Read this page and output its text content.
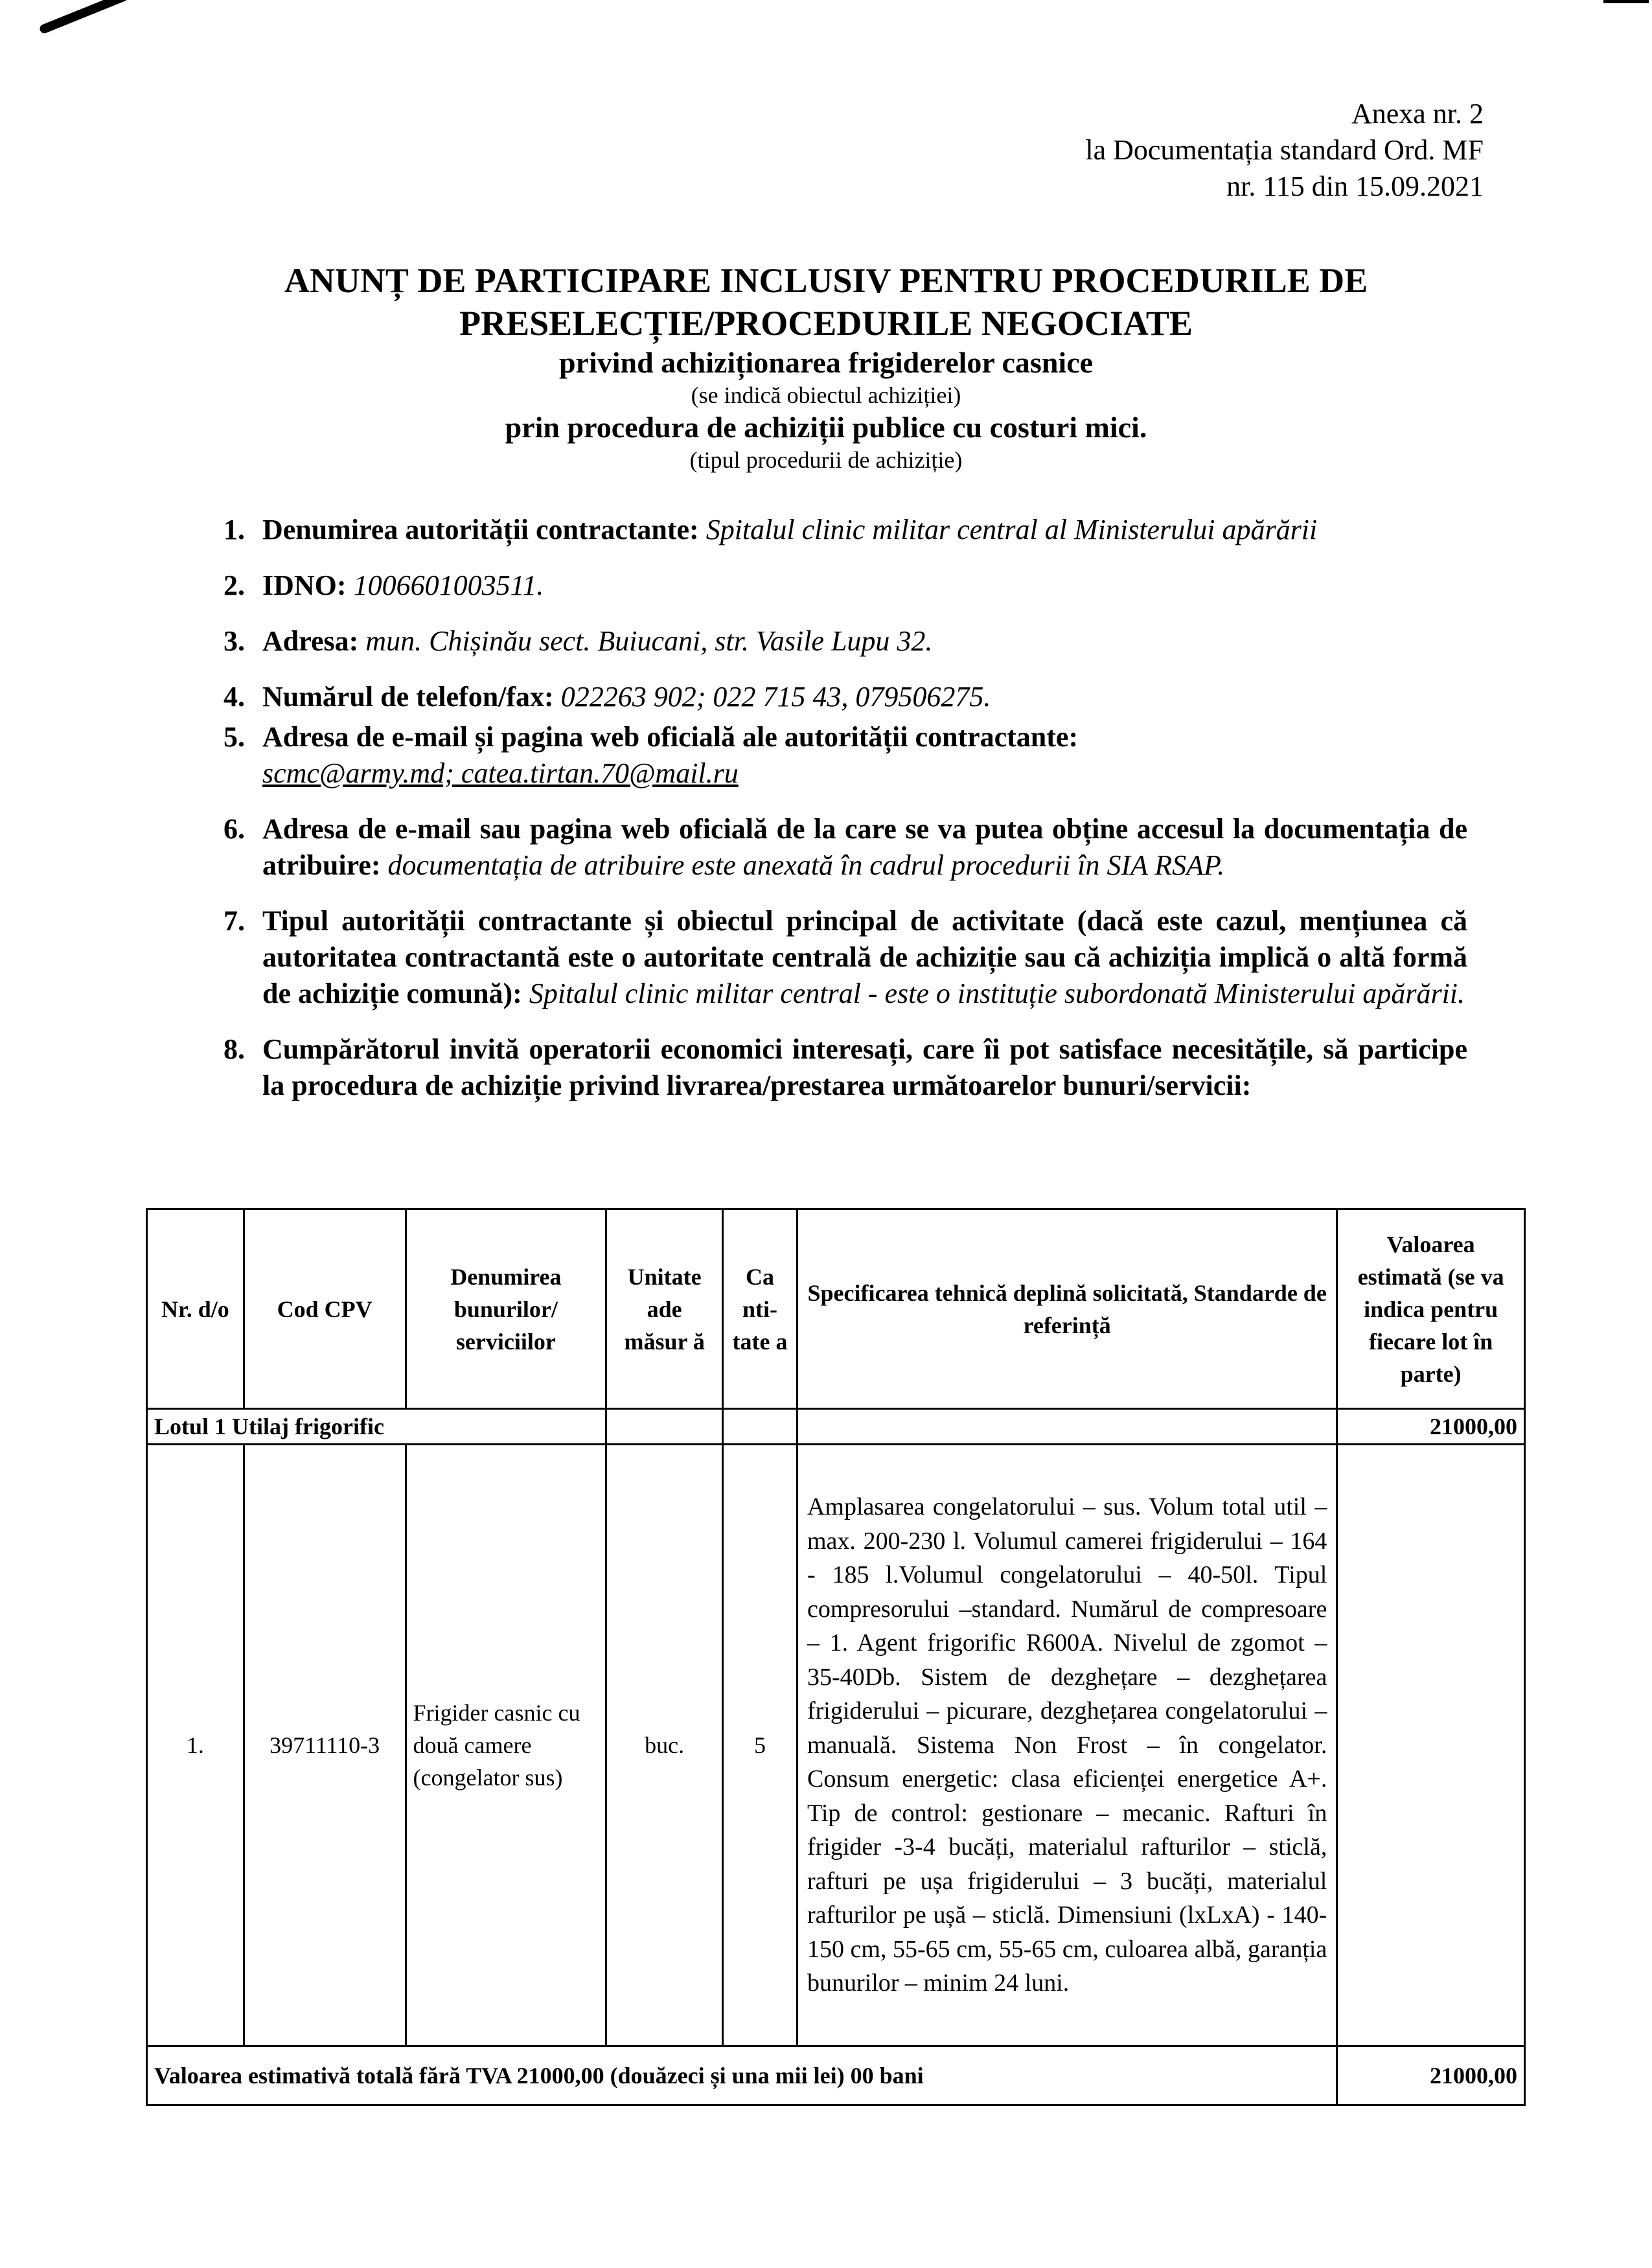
Anexa nr. 2
la Documentația standard Ord. MF
nr. 115 din 15.09.2021
ANUNȚ DE PARTICIPARE INCLUSIV PENTRU PROCEDURILE DE
PRESELECȚIE/PROCEDURILE NEGOCIATE
privind achiziționarea frigiderelor casnice
(se indică obiectul achiziției)
prin procedura de achiziții publice cu costuri mici.
(tipul procedurii de achiziție)
1. Denumirea autorității contractante: Spitalul clinic militar central al Ministerului apărării
2. IDNO: 1006601003511.
3. Adresa: mun. Chișinău sect. Buiucani, str. Vasile Lupu 32.
4. Numărul de telefon/fax: 022263 902; 022 715 43, 079506275.
5. Adresa de e-mail și pagina web oficială ale autorității contractante:
scmc@army.md; catea.tirtan.70@mail.ru
6. Adresa de e-mail sau pagina web oficială de la care se va putea obține accesul la documentația de atribuire: documentația de atribuire este anexată în cadrul procedurii în SIA RSAP.
7. Tipul autorității contractante și obiectul principal de activitate (dacă este cazul, mențiunea că autoritatea contractantă este o autoritate centrală de achiziție sau că achiziția implică o altă formă de achiziție comună): Spitalul clinic militar central - este o instituție subordonată Ministerului apărării.
8. Cumpărătorul invită operatorii economici interesați, care îi pot satisface necesitățile, să participe la procedura de achiziție privind livrarea/prestarea următoarelor bunuri/servicii:
Nr. d/o	Cod CPV	Denumirea bunurilor/ serviciilor	Unitate ade măsur ă	Ca nti- tate a	Specificarea tehnică deplină solicitată, Standarde de referință	Valoarea estimată (se va indica pentru fiecare lot în parte)
Lotul 1 Utilaj frigorific						21000,00
1.	39711110-3	Frigider casnic cu două camere (congelator sus)	buc.	5	Amplasarea congelatorului – sus. Volum total util – max. 200-230 l. Volumul camerei frigiderului – 164 - 185 l.Volumul congelatorului – 40-50l. Tipul compresorului –standard. Numărul de compresoare – 1. Agent frigorific R600A. Nivelul de zgomot – 35-40Db. Sistem de dezghețare – dezghețarea frigiderului – picurare, dezghețarea congelatorului – manuală. Sistema Non Frost – în congelator. Consum energetic: clasa eficienței energetice A+. Tip de control: gestionare – mecanic. Rafturi în frigider -3-4 bucăți, materialul rafturilor – sticlă, rafturi pe ușa frigiderului – 3 bucăți, materialul rafturilor pe ușă – sticlă. Dimensiuni (lxLxA) - 140-150 cm, 55-65 cm, 55-65 cm, culoarea albă, garanția bunurilor – minim 24 luni.	
Valoarea estimativă totală fără TVA 21000,00 (douăzeci și una mii lei) 00 bani						21000,00
